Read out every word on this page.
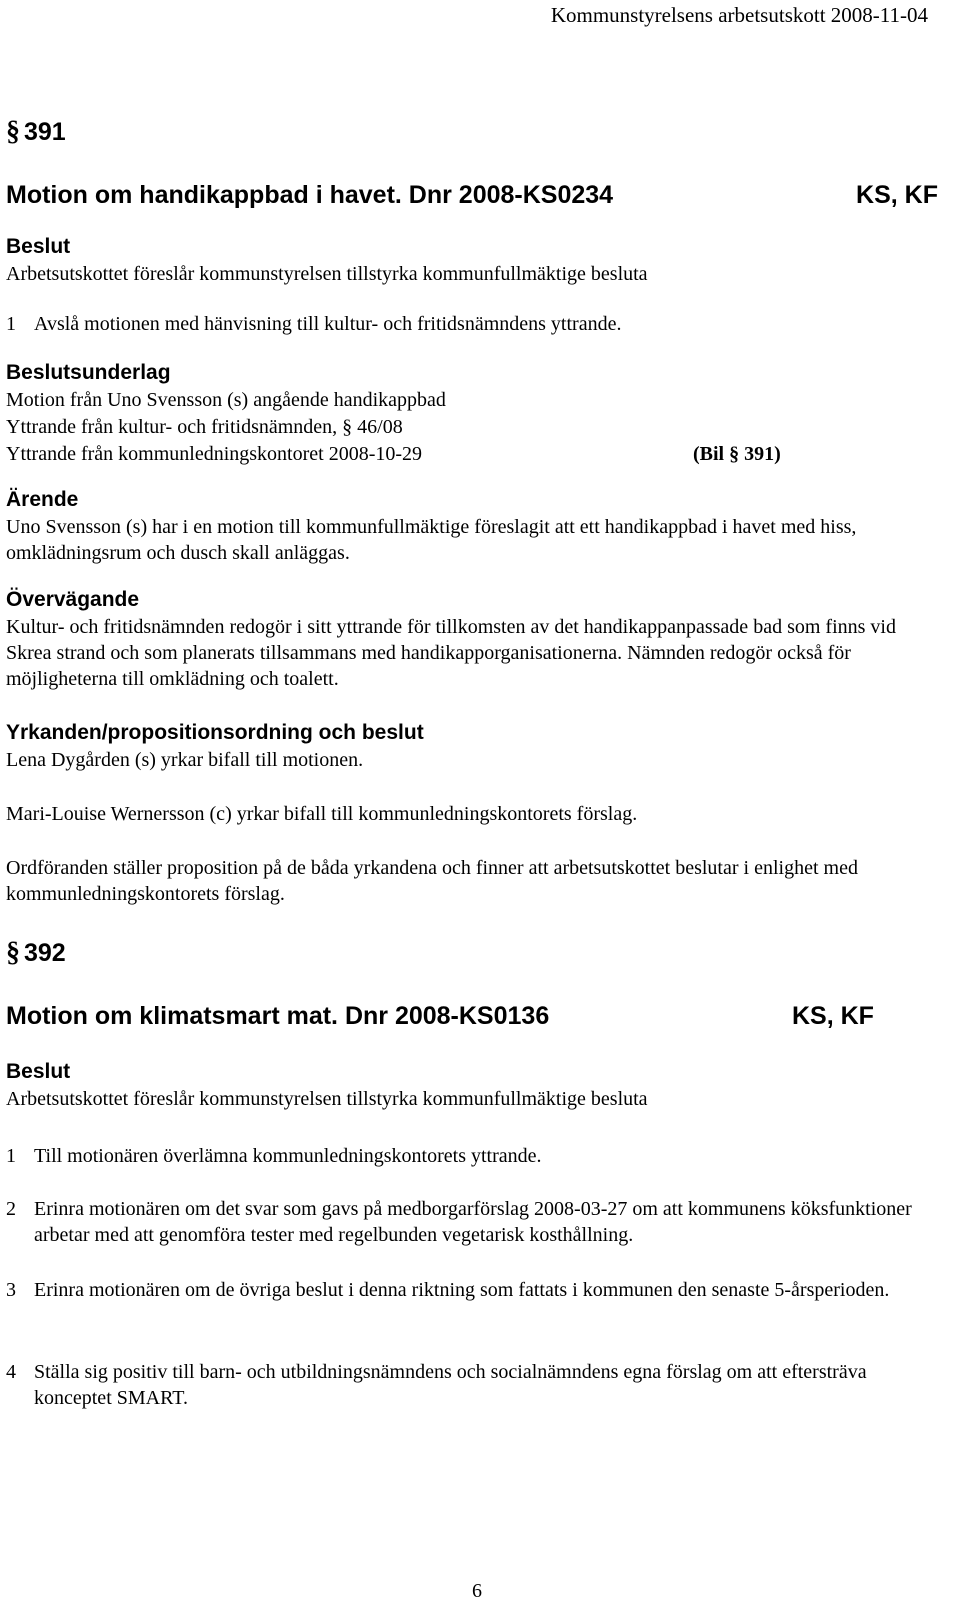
Kommunstyrelsens arbetsutskott 2008-11-04
§ 391
Motion om handikappbad i havet. Dnr 2008-KS0234	KS, KF
Beslut
Arbetsutskottet föreslår kommunstyrelsen tillstyrka kommunfullmäktige besluta
1 Avslå motionen med hänvisning till kultur- och fritidsnämndens yttrande.
Beslutsunderlag
Motion från Uno Svensson (s) angående handikappbad
Yttrande från kultur- och fritidsnämnden, § 46/08
Yttrande från kommunledningskontoret 2008-10-29	(Bil § 391)
Ärende
Uno Svensson (s) har i en motion till kommunfullmäktige föreslagit att ett handikappbad i havet med hiss, omklädningsrum och dusch skall anläggas.
Övervägande
Kultur- och fritidsnämnden redogör i sitt yttrande för tillkomsten av det handikappanpassade bad som finns vid Skrea strand och som planerats tillsammans med handikapporganisationerna. Nämnden redogör också för möjligheterna till omklädning och toalett.
Yrkanden/propositionsordning och beslut
Lena Dygården (s) yrkar bifall till motionen.
Mari-Louise Wernersson (c) yrkar bifall till kommunledningskontorets förslag.
Ordföranden ställer proposition på de båda yrkandena och finner att arbetsutskottet beslutar i enlighet med kommunledningskontorets förslag.
§ 392
Motion om klimatsmart mat. Dnr 2008-KS0136	KS, KF
Beslut
Arbetsutskottet föreslår kommunstyrelsen tillstyrka kommunfullmäktige besluta
1 Till motionären överlämna kommunledningskontorets yttrande.
2 Erinra motionären om det svar som gavs på medborgarförslag 2008-03-27 om att kommunens köksfunktioner arbetar med att genomföra tester med regelbunden vegetarisk kosthållning.
3 Erinra motionären om de övriga beslut i denna riktning som fattats i kommunen den senaste 5-årsperioden.
4 Ställa sig positiv till barn- och utbildningsnämndens och socialnämndens egna förslag om att eftersträva konceptet SMART.
6
